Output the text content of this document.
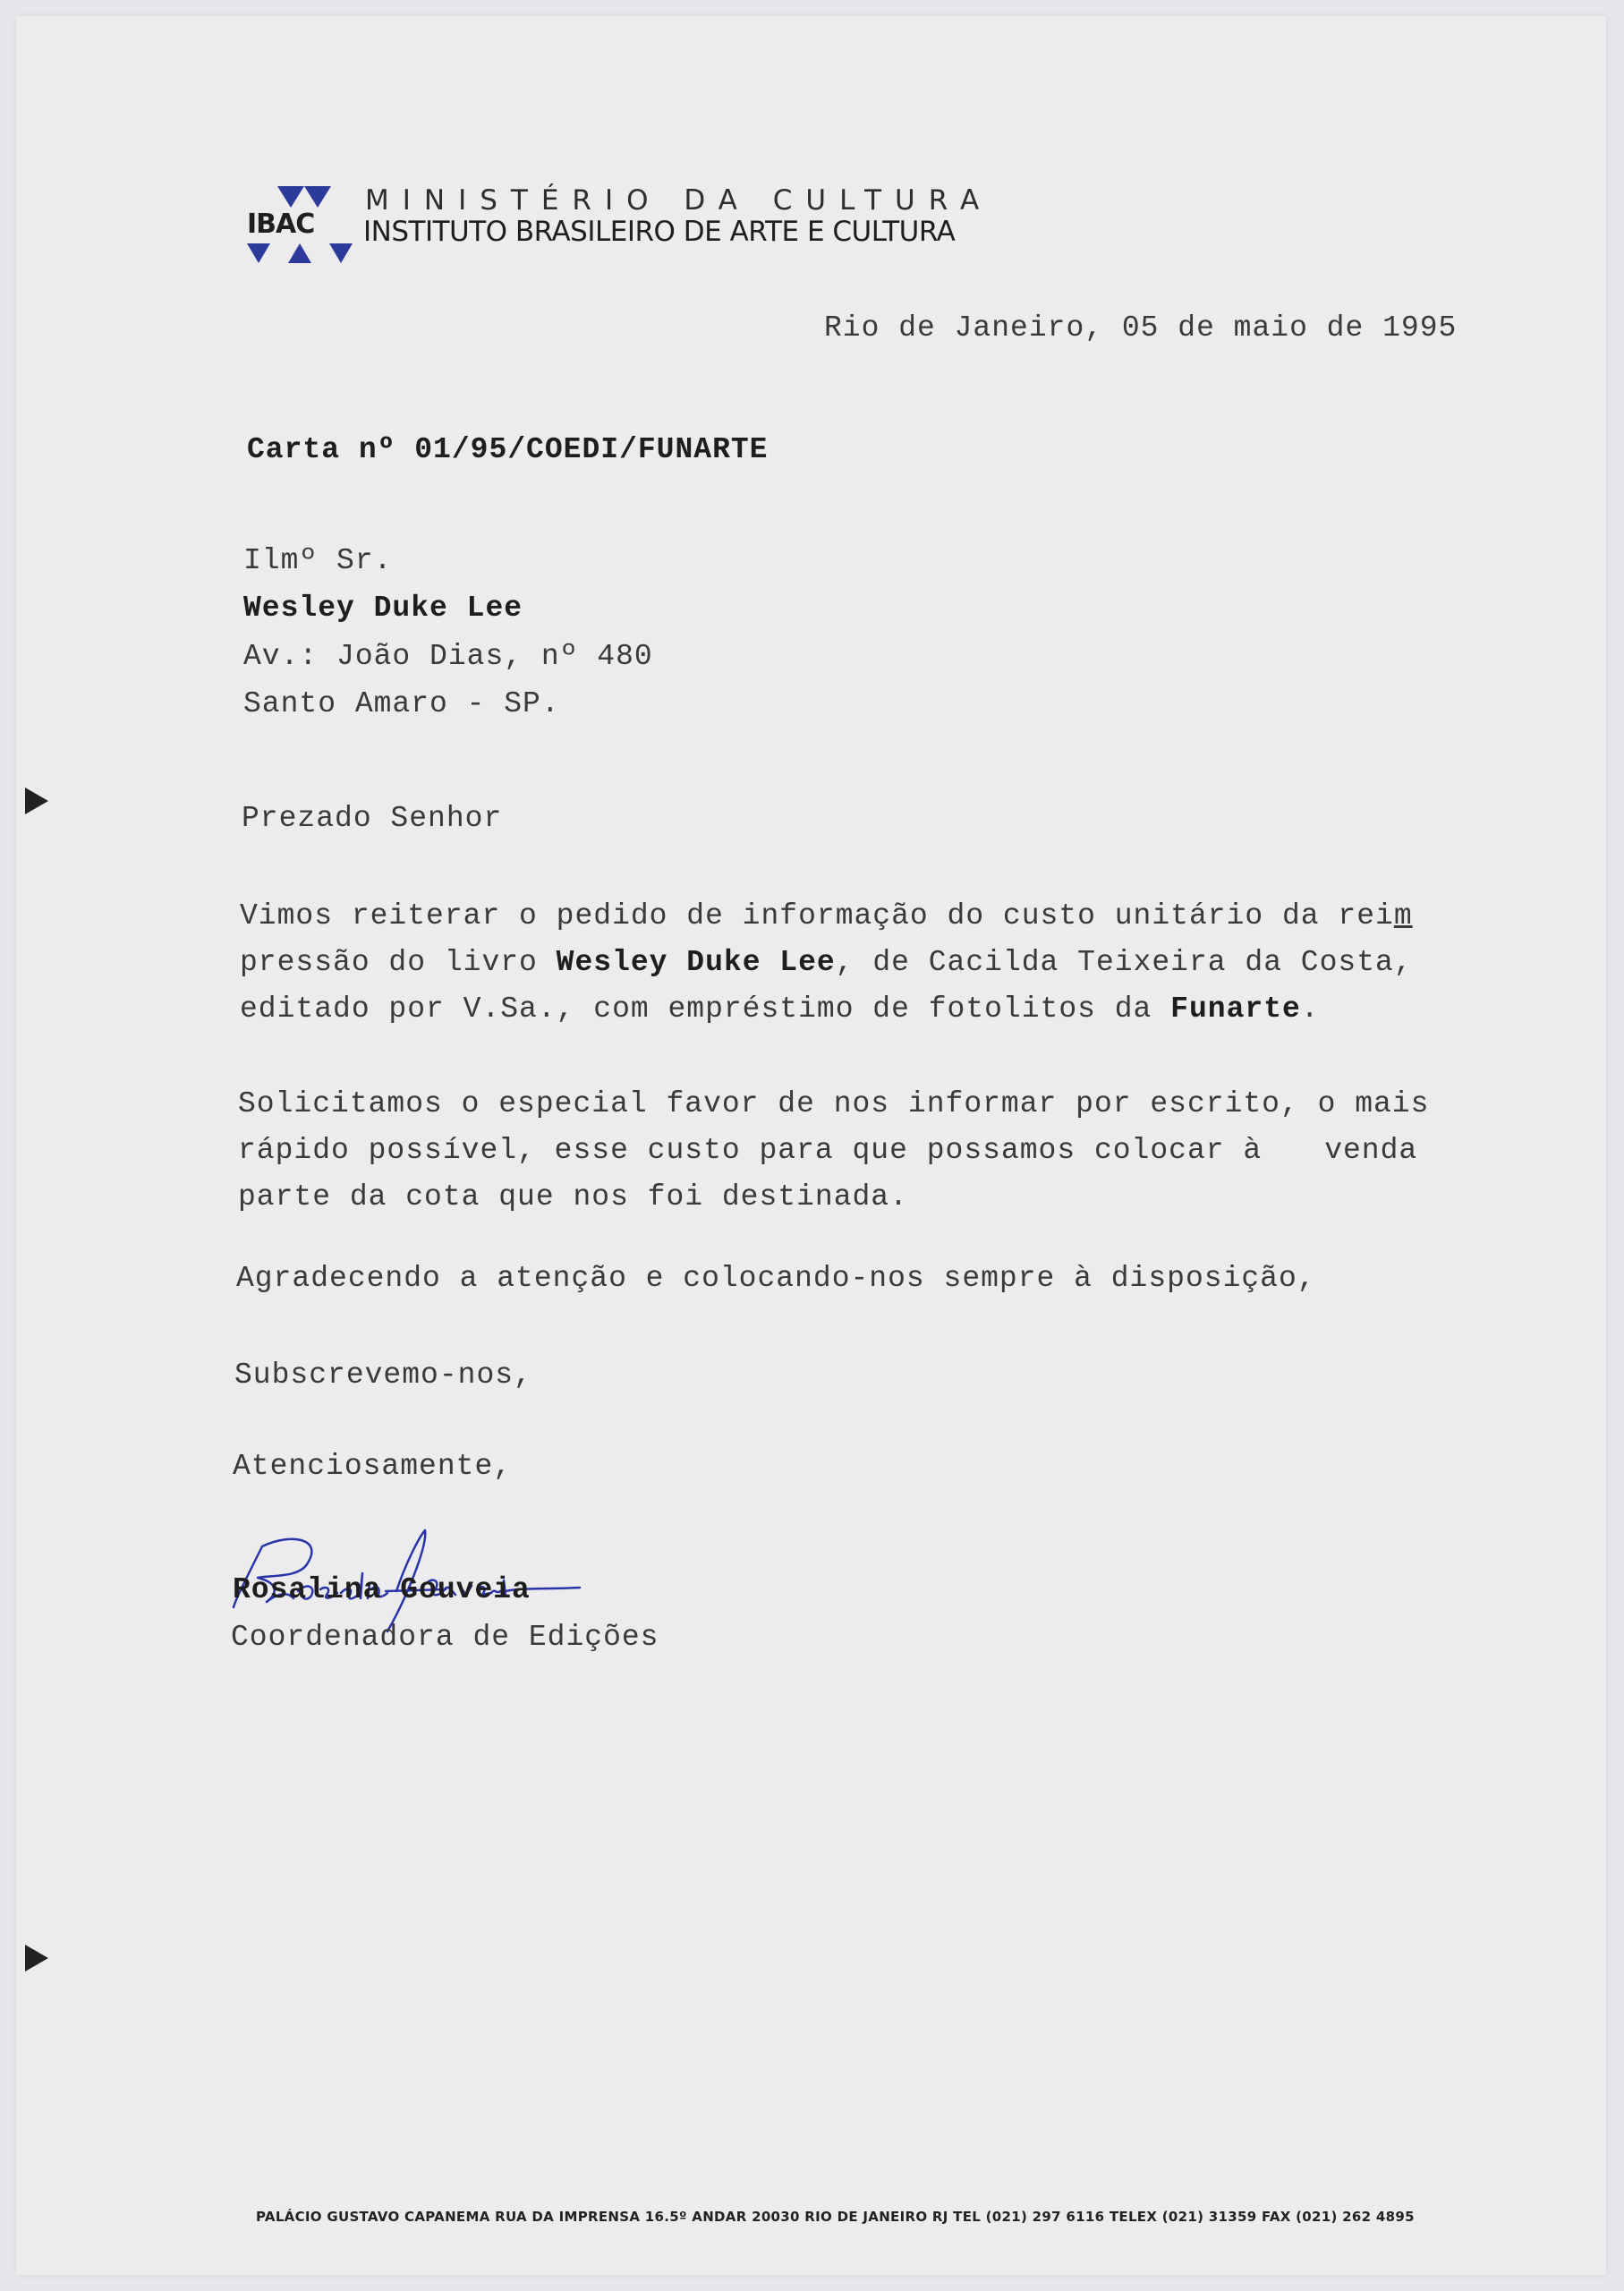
IBAC
MINISTÉRIO DA CULTURA
INSTITUTO BRASILEIRO DE ARTE E CULTURA
Rio de Janeiro, 05 de maio de 1995
Carta nº 01/95/COEDI/FUNARTE
Ilmº Sr.
Wesley Duke Lee
Av.: João Dias, nº 480
Santo Amaro - SP.
Prezado Senhor
Vimos reiterar o pedido de informação do custo unitário da reim
pressão do livro Wesley Duke Lee, de Cacilda Teixeira da Costa,
editado por V.Sa., com empréstimo de fotolitos da Funarte.
Solicitamos o especial favor de nos informar por escrito, o mais
rápido possível, esse custo para que possamos colocar à venda
parte da cota que nos foi destinada.
Agradecendo a atenção e colocando-nos sempre à disposição,
Subscrevemo-nos,
Atenciosamente,
Rosalina Gouveia
Coordenadora de Edições
PALÁCIO GUSTAVO CAPANEMA RUA DA IMPRENSA 16.5º ANDAR 20030 RIO DE JANEIRO RJ TEL (021) 297 6116 TELEX (021) 31359 FAX (021) 262 4895
